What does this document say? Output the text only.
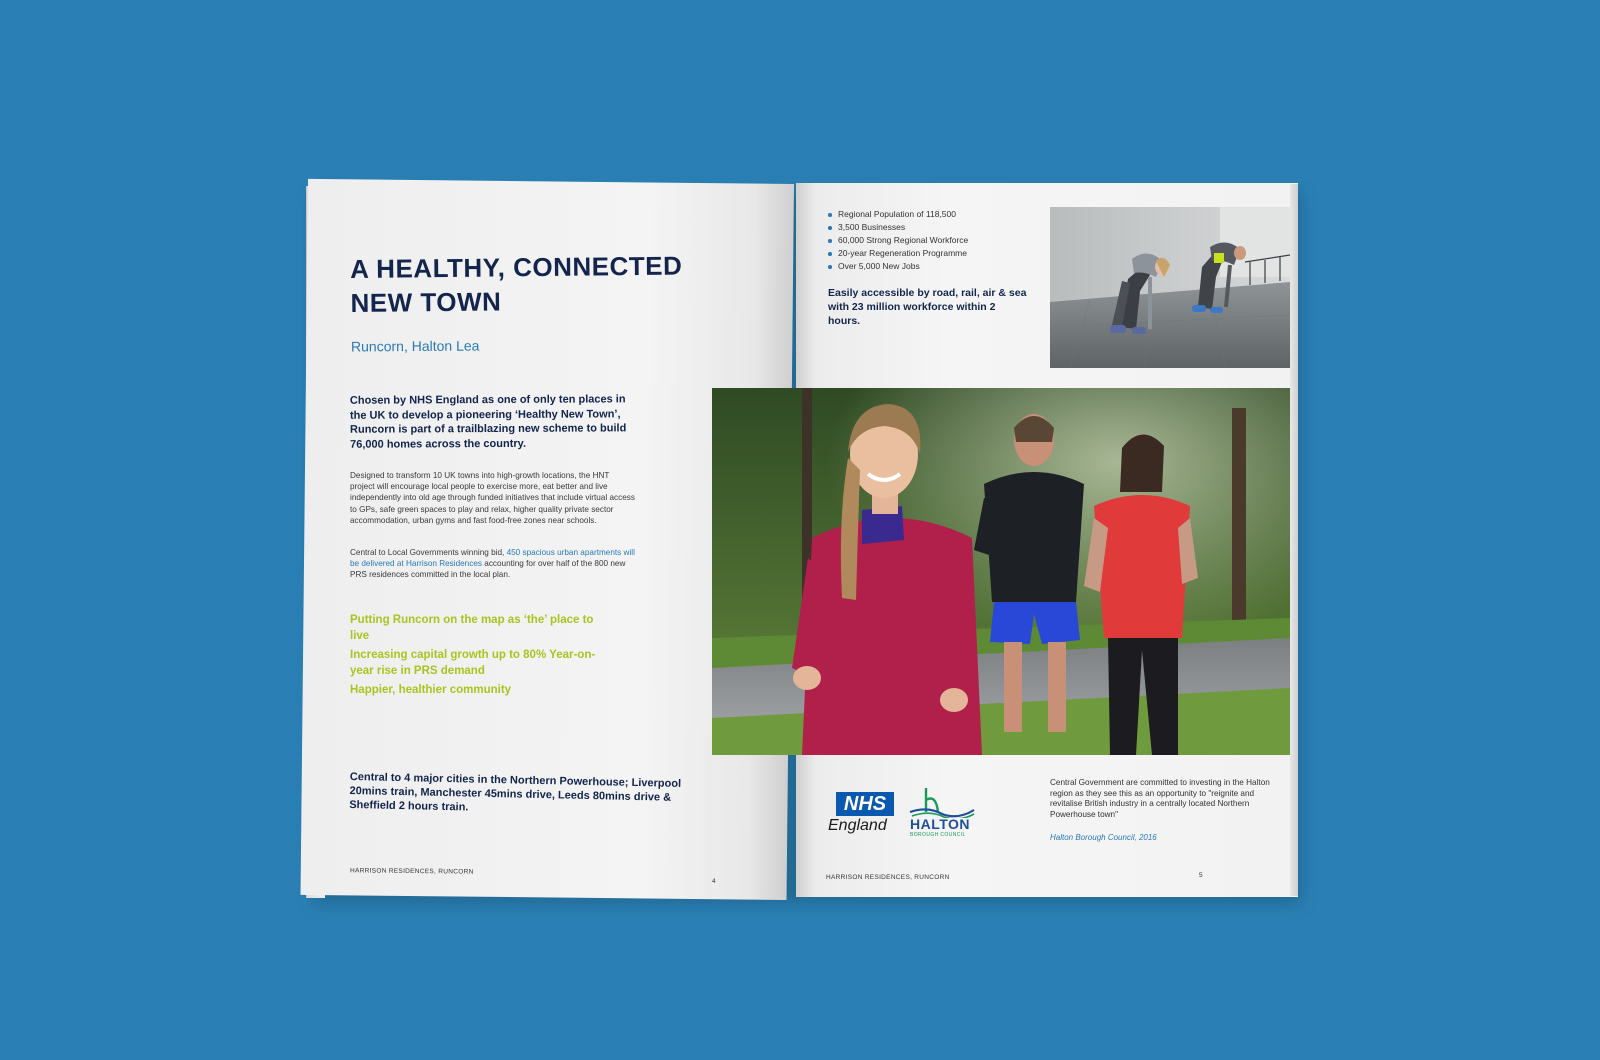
A HEALTHY, CONNECTED NEW TOWN
Runcorn, Halton Lea
Chosen by NHS England as one of only ten places in the UK to develop a pioneering ‘Healthy New Town’, Runcorn is part of a trailblazing new scheme to build 76,000 homes across the country.
Designed to transform 10 UK towns into high-growth locations, the HNT project will encourage local people to exercise more, eat better and live independently into old age through funded initiatives that include virtual access to GPs, safe green spaces to play and relax, higher quality private sector accommodation, urban gyms and fast food-free zones near schools.
Central to Local Governments winning bid, 450 spacious urban apartments will be delivered at Harrison Residences accounting for over half of the 800 new PRS residences committed in the local plan.
Putting Runcorn on the map as ‘the’ place to live
Increasing capital growth up to 80% Year-on-year rise in PRS demand
Happier, healthier community
Central to 4 major cities in the Northern Powerhouse; Liverpool 20mins train, Manchester 45mins drive, Leeds 80mins drive & Sheffield 2 hours train.
HARRISON RESIDENCES, RUNCORN
4
Regional Population of 118,500
3,500 Businesses
60,000 Strong Regional Workforce
20-year Regeneration Programme
Over 5,000 New Jobs
Easily accessible by road, rail, air & sea with 23 million workforce within 2 hours.
NHS
England HALTON
BOROUGH COUNCIL
Central Government are committed to investing in the Halton region as they see this as an opportunity to "reignite and revitalise British industry in a centrally located Northern Powerhouse town"
Halton Borough Council, 2016
HARRISON RESIDENCES, RUNCORN	5
